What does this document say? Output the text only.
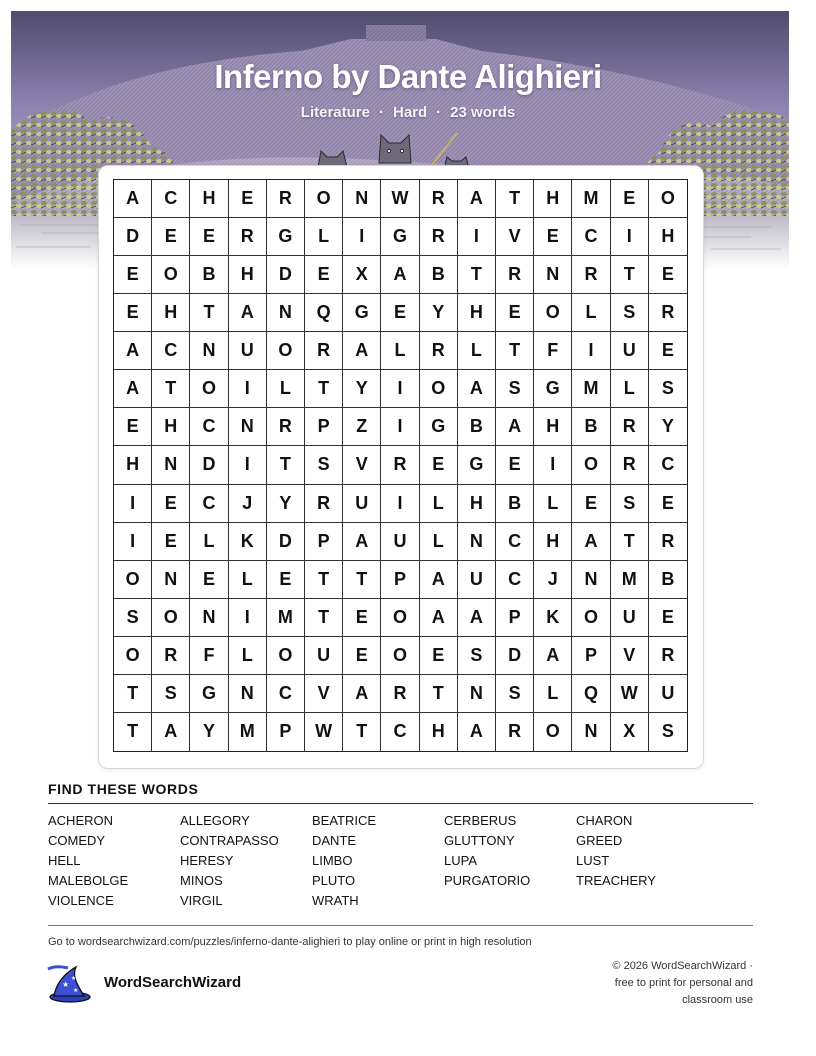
Inferno by Dante Alighieri
Literature · Hard · 23 words
A	C	H	E	R	O	N	W	R	A	T	H	M	E	O
D	E	E	R	G	L	I	G	R	I	V	E	C	I	H
E	O	B	H	D	E	X	A	B	T	R	N	R	T	E
E	H	T	A	N	Q	G	E	Y	H	E	O	L	S	R
A	C	N	U	O	R	A	L	R	L	T	F	I	U	E
A	T	O	I	L	T	Y	I	O	A	S	G	M	L	S
E	H	C	N	R	P	Z	I	G	B	A	H	B	R	Y
H	N	D	I	T	S	V	R	E	G	E	I	O	R	C
I	E	C	J	Y	R	U	I	L	H	B	L	E	S	E
I	E	L	K	D	P	A	U	L	N	C	H	A	T	R
O	N	E	L	E	T	T	P	A	U	C	J	N	M	B
S	O	N	I	M	T	E	O	A	A	P	K	O	U	E
O	R	F	L	O	U	E	O	E	S	D	A	P	V	R
T	S	G	N	C	V	A	R	T	N	S	L	Q	W	U
T	A	Y	M	P	W	T	C	H	A	R	O	N	X	S
FIND THESE WORDS
ACHERON	ALLEGORY	BEATRICE	CERBERUS	CHARON
COMEDY	CONTRAPASSO	DANTE	GLUTTONY	GREED
HELL	HERESY	LIMBO	LUPA	LUST
MALEBOLGE	MINOS	PLUTO	PURGATORIO	TREACHERY
VIOLENCE	VIRGIL	WRATH
Go to wordsearchwizard.com/puzzles/inferno-dante-alighieri to play online or print in high resolution
★
★
★ WordSearchWizard
© 2026 WordSearchWizard ·
free to print for personal and
classroom use
